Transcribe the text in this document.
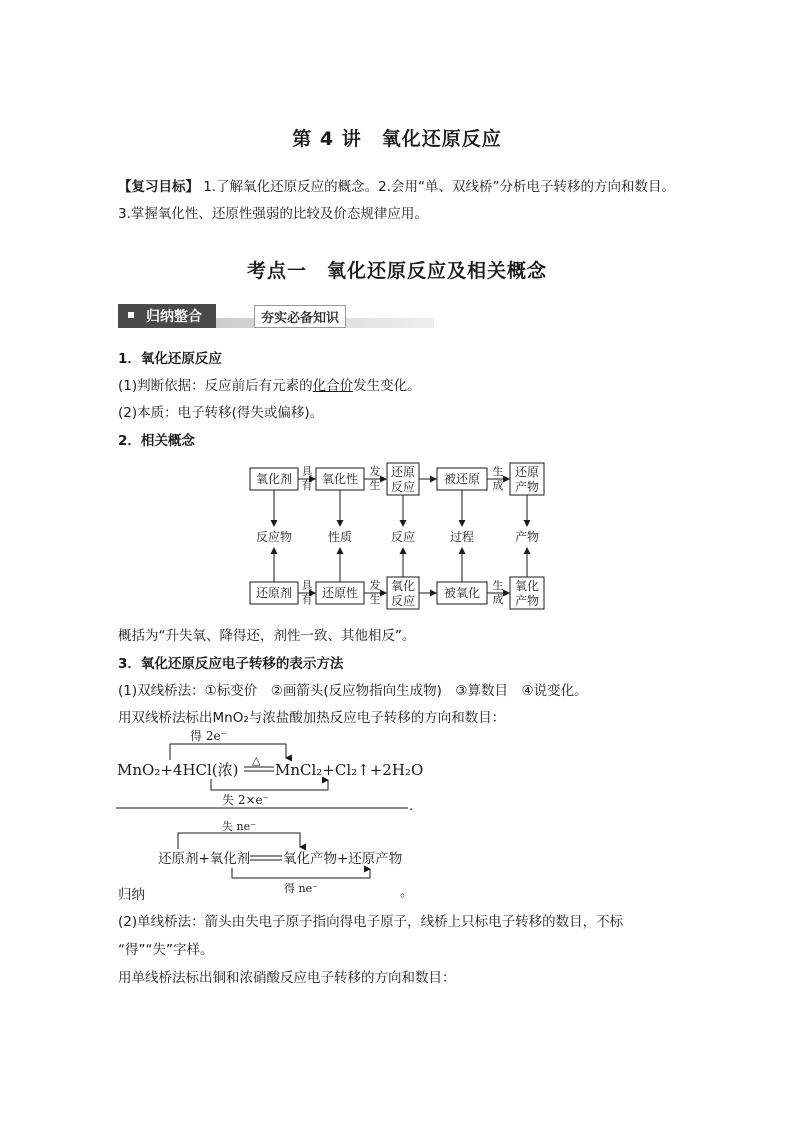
第 4 讲　氧化还原反应
【复习目标】 1.了解氧化还原反应的概念。2.会用“单、双线桥”分析电子转移的方向和数目。
3.掌握氧化性、还原性强弱的比较及价态规律应用。
考点一　氧化还原反应及相关概念
归纳整合	夯实必备知识
1．氧化还原反应
(1)判断依据：反应前后有元素的化合价发生变化。
(2)本质：电子转移(得失或偏移)。
2．相关概念
氧化剂 氧化性	还原
反应
被还原	还原
产物
反应物	性质	反应	过程	产物
还原剂 还原性	氧化
反应
被氧化	氧化
产物
具
有
发
生
生
成
具
有
发
生
生
成
概括为“升失氧、降得还，剂性一致、其他相反”。
3．氧化还原反应电子转移的表示方法
(1)双线桥法：①标变价　②画箭头(反应物指向生成物)　③算数目　④说变化。
用双线桥法标出MnO₂与浓盐酸加热反应电子转移的方向和数目：
得 2e⁻
△
MnO₂+4HCl(浓) MnCl₂+Cl₂↑+2H₂O
失 2×e⁻	.
失 ne⁻
还原剂+氧化剂 氧化产物+还原产物
得 ne⁻	。
归纳
(2)单线桥法：箭头由失电子原子指向得电子原子，线桥上只标电子转移的数目，不标
“得”“失”字样。
用单线桥法标出铜和浓硝酸反应电子转移的方向和数目：
